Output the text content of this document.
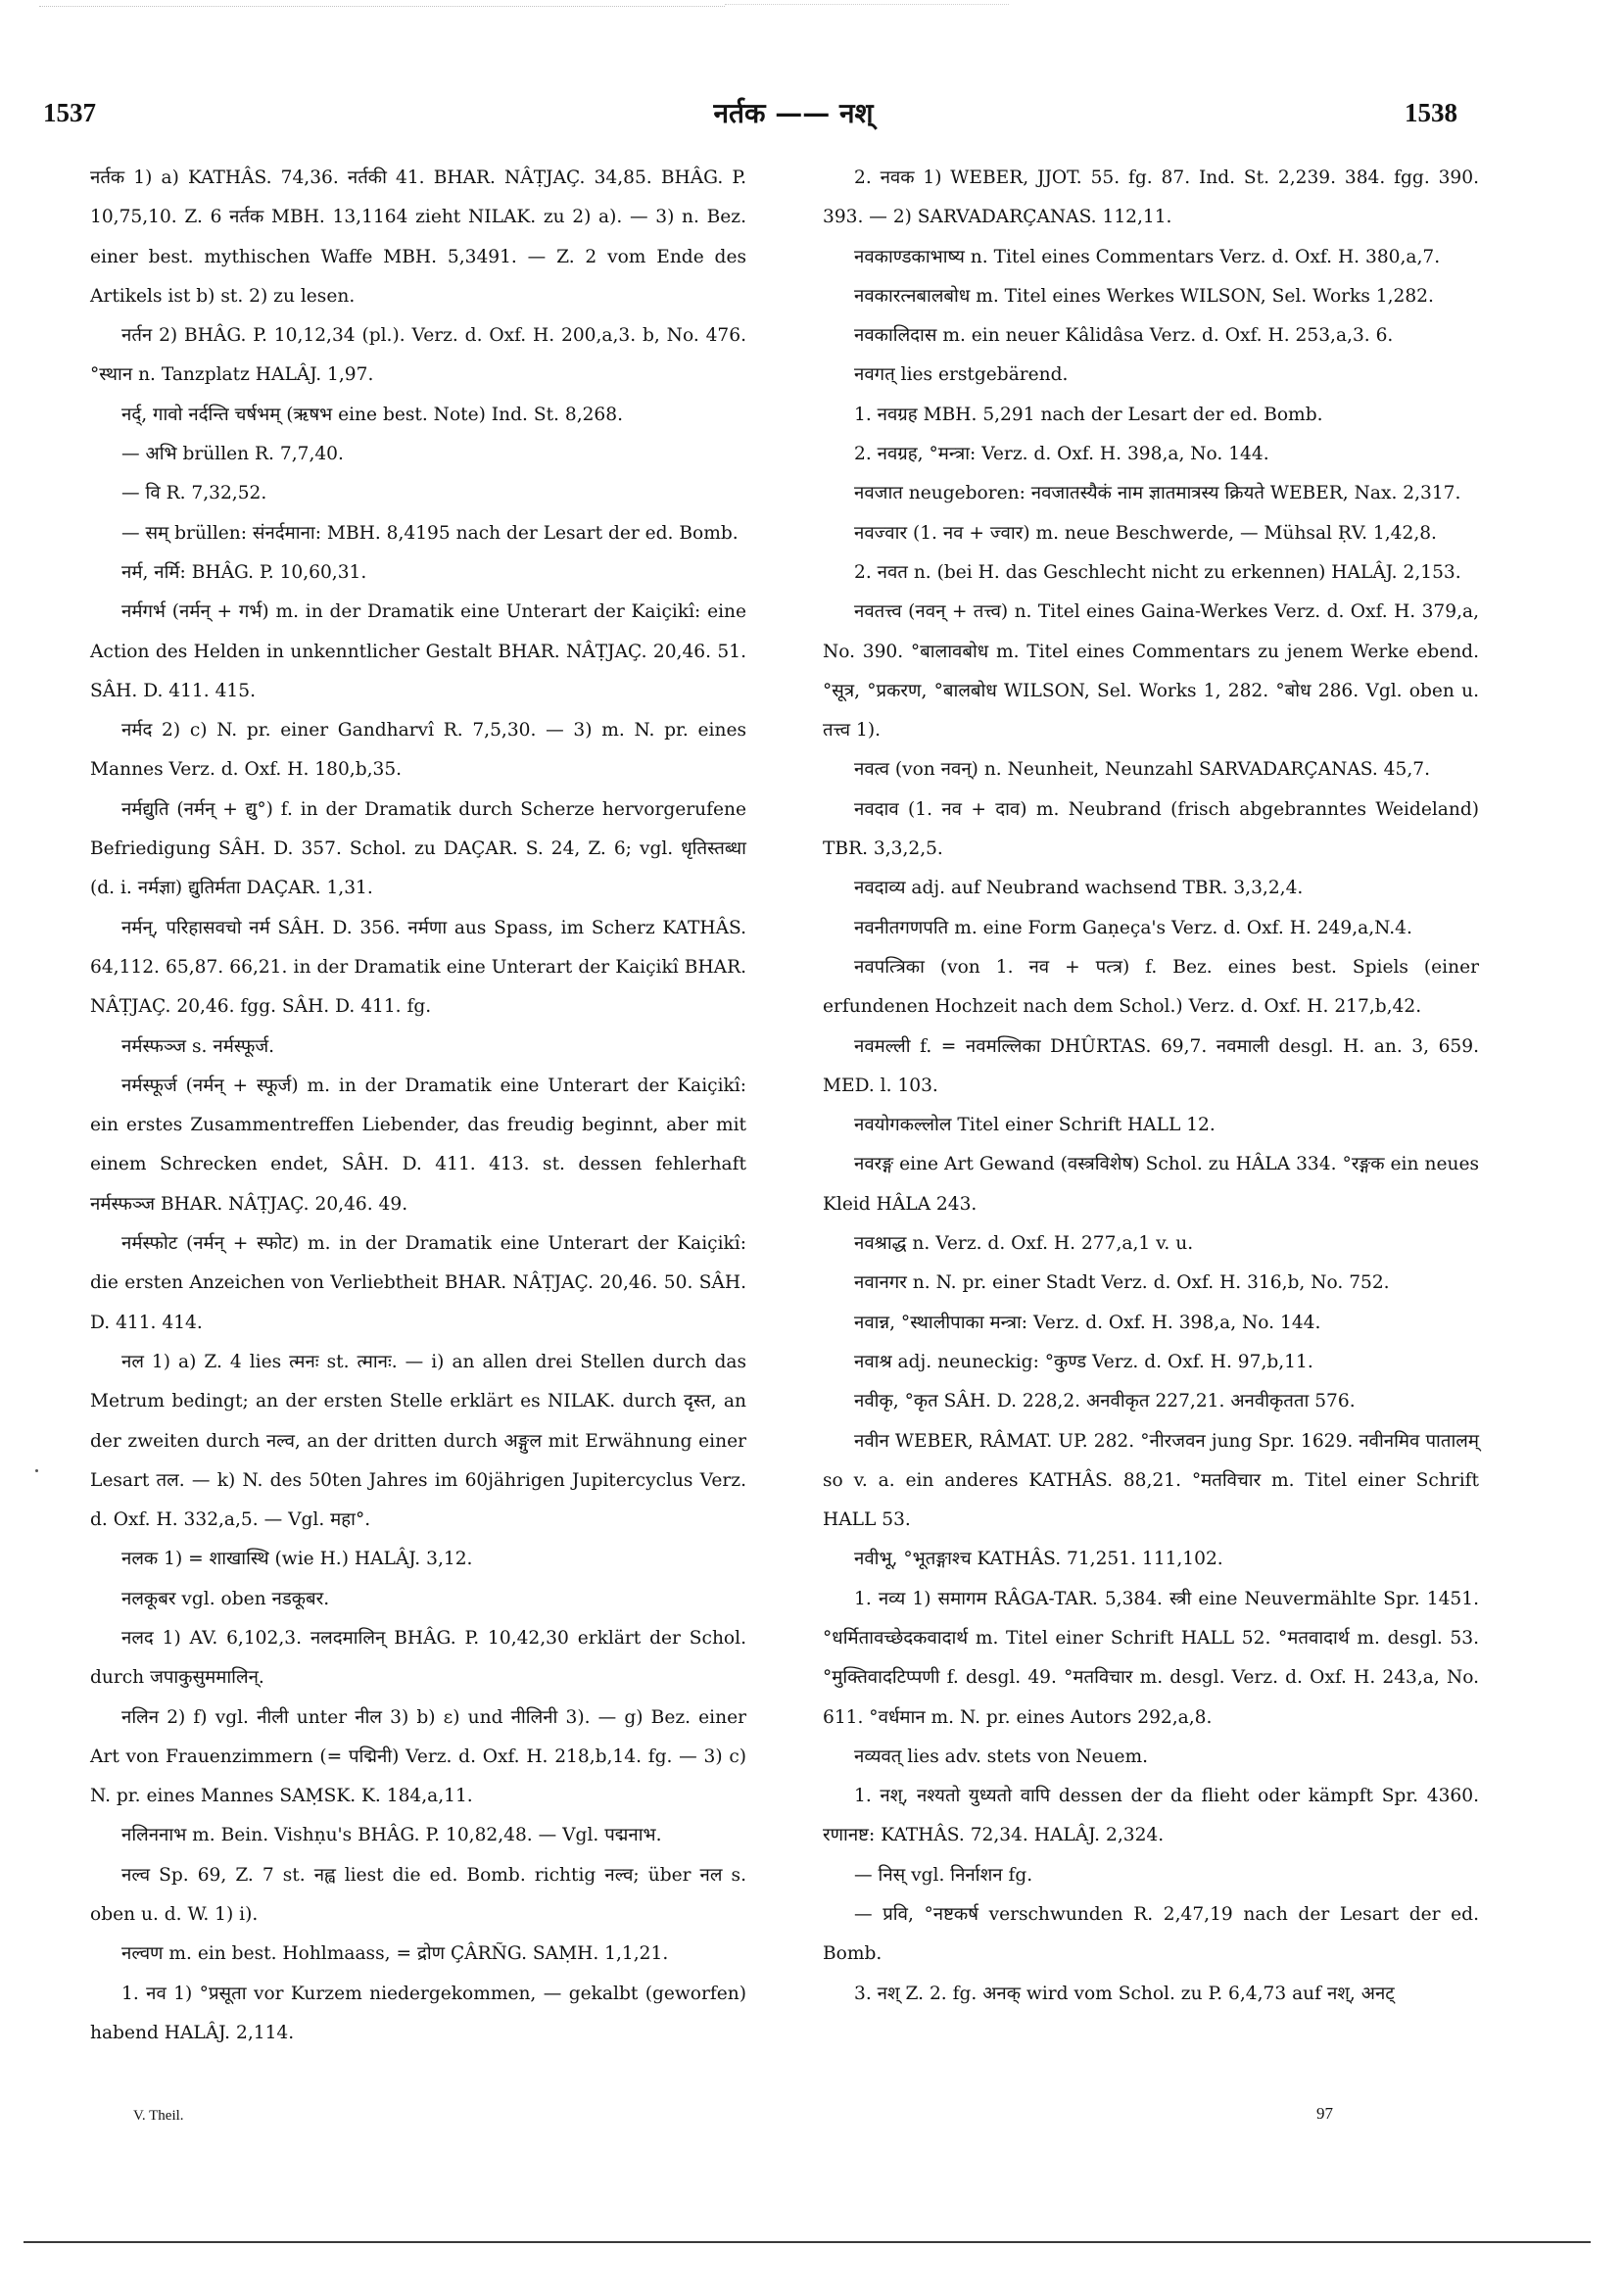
1537	नर्तक —— नश्	1538

नर्तक 1) a) KATHÂS. 74,36. नर्तकी 41. BHAR. NÂṬJAÇ. 34,85. BHÂG. P. 10,75,10. Z. 6 नर्तक MBH. 13,1164 zieht NILAK. zu 2) a). — 3) n. Bez. einer best. mythischen Waffe MBH. 5,3491. — Z. 2 vom Ende des Artikels ist b) st. 2) zu lesen.

नर्तन 2) BHÂG. P. 10,12,34 (pl.). Verz. d. Oxf. H. 200,a,3. b, No. 476. °स्थान n. Tanzplatz HALÂJ. 1,97.

नर्द्, गावो नर्दन्ति चर्षभम् (ऋषभ eine best. Note) Ind. St. 8,268.

— अभि brüllen R. 7,7,40.

— वि R. 7,32,52.

— सम् brüllen: संनर्दमाना: MBH. 8,4195 nach der Lesart der ed. Bomb.

नर्म, नर्मि: BHÂG. P. 10,60,31.

नर्मगर्भ (नर्मन् + गर्भ) m. in der Dramatik eine Unterart der Kaiçikî: eine Action des Helden in unkenntlicher Gestalt BHAR. NÂṬJAÇ. 20,46. 51. SÂH. D. 411. 415.

नर्मद 2) c) N. pr. einer Gandharvî R. 7,5,30. — 3) m. N. pr. eines Mannes Verz. d. Oxf. H. 180,b,35.

नर्मद्युति (नर्मन् + द्यु°) f. in der Dramatik durch Scherze hervorgerufene Befriedigung SÂH. D. 357. Schol. zu DAÇAR. S. 24, Z. 6; vgl. धृतिस्तब्धा (d. i. नर्मज्ञा) द्युतिर्मता DAÇAR. 1,31.

नर्मन्, परिहासवचो नर्म SÂH. D. 356. नर्मणा aus Spass, im Scherz KATHÂS. 64,112. 65,87. 66,21. in der Dramatik eine Unterart der Kaiçikî BHAR. NÂṬJAÇ. 20,46. fgg. SÂH. D. 411. fg.

नर्मस्फञ्ज s. नर्मस्फूर्ज.

नर्मस्फूर्ज (नर्मन् + स्फूर्ज) m. in der Dramatik eine Unterart der Kaiçikî: ein erstes Zusammentreffen Liebender, das freudig beginnt, aber mit einem Schrecken endet, SÂH. D. 411. 413. st. dessen fehlerhaft नर्मस्फञ्ज BHAR. NÂṬJAÇ. 20,46. 49.

नर्मस्फोट (नर्मन् + स्फोट) m. in der Dramatik eine Unterart der Kaiçikî: die ersten Anzeichen von Verliebtheit BHAR. NÂṬJAÇ. 20,46. 50. SÂH. D. 411. 414.

नल 1) a) Z. 4 lies त्मनः st. त्मानः. — i) an allen drei Stellen durch das Metrum bedingt; an der ersten Stelle erklärt es NILAK. durch दृस्त, an der zweiten durch नल्व, an der dritten durch अङ्गुल mit Erwähnung einer Lesart तल. — k) N. des 50ten Jahres im 60jährigen Jupitercyclus Verz. d. Oxf. H. 332,a,5. — Vgl. महा°.

नलक 1) = शाखास्थि (wie H.) HALÂJ. 3,12.

नलकूबर vgl. oben नडकूबर.

नलद 1) AV. 6,102,3. नलदमालिन् BHÂG. P. 10,42,30 erklärt der Schol. durch जपाकुसुममालिन्.

नलिन 2) f) vgl. नीली unter नील 3) b) ε) und नीलिनी 3). — g) Bez. einer Art von Frauenzimmern (= पद्मिनी) Verz. d. Oxf. H. 218,b,14. fg. — 3) c) N. pr. eines Mannes SAṂSK. K. 184,a,11.

नलिननाभ m. Bein. Vishṇu's BHÂG. P. 10,82,48. — Vgl. पद्मनाभ.

नल्व Sp. 69, Z. 7 st. नह्व liest die ed. Bomb. richtig नल्व; über नल s. oben u. d. W. 1) i).

नल्वण m. ein best. Hohlmaass, = द्रोण ÇÂRÑG. SAṂH. 1,1,21.

1. नव 1) °प्रसूता vor Kurzem niedergekommen, — gekalbt (geworfen) habend HALÂJ. 2,114.

2. नवक 1) WEBER, JJOT. 55. fg. 87. Ind. St. 2,239. 384. fgg. 390. 393. — 2) SARVADARÇANAS. 112,11.

नवकाण्डकाभाष्य n. Titel eines Commentars Verz. d. Oxf. H. 380,a,7.

नवकारत्नबालबोध m. Titel eines Werkes WILSON, Sel. Works 1,282.

नवकालिदास m. ein neuer Kâlidâsa Verz. d. Oxf. H. 253,a,3. 6.

नवगत् lies erstgebärend.

1. नवग्रह MBH. 5,291 nach der Lesart der ed. Bomb.

2. नवग्रह, °मन्त्रा: Verz. d. Oxf. H. 398,a, No. 144.

नवजात neugeboren: नवजातस्यैकं नाम ज्ञातमात्रस्य क्रियते WEBER, Nax. 2,317.

नवज्वार (1. नव + ज्वार) m. neue Beschwerde, — Mühsal ṚV. 1,42,8.

2. नवत n. (bei H. das Geschlecht nicht zu erkennen) HALÂJ. 2,153.

नवतत्त्व (नवन् + तत्त्व) n. Titel eines Gaina-Werkes Verz. d. Oxf. H. 379,a, No. 390. °बालावबोध m. Titel eines Commentars zu jenem Werke ebend. °सूत्र, °प्रकरण, °बालबोध WILSON, Sel. Works 1, 282. °बोध 286. Vgl. oben u. तत्त्व 1).

नवत्व (von नवन्) n. Neunheit, Neunzahl SARVADARÇANAS. 45,7.

नवदाव (1. नव + दाव) m. Neubrand (frisch abgebranntes Weideland) TBR. 3,3,2,5.

नवदाव्य adj. auf Neubrand wachsend TBR. 3,3,2,4.

नवनीतगणपति m. eine Form Gaṇeça's Verz. d. Oxf. H. 249,a,N.4.

नवपत्त्रिका (von 1. नव + पत्त्र) f. Bez. eines best. Spiels (einer erfundenen Hochzeit nach dem Schol.) Verz. d. Oxf. H. 217,b,42.

नवमल्ली f. = नवमल्लिका DHÛRTAS. 69,7. नवमाली desgl. H. an. 3, 659. MED. l. 103.

नवयोगकल्लोल Titel einer Schrift HALL 12.

नवरङ्ग eine Art Gewand (वस्त्रविशेष) Schol. zu HÂLA 334. °रङ्गक ein neues Kleid HÂLA 243.

नवश्राद्ध n. Verz. d. Oxf. H. 277,a,1 v. u.

नवानगर n. N. pr. einer Stadt Verz. d. Oxf. H. 316,b, No. 752.

नवान्न, °स्थालीपाका मन्त्रा: Verz. d. Oxf. H. 398,a, No. 144.

नवाश्र adj. neuneckig: °कुण्ड Verz. d. Oxf. H. 97,b,11.

नवीकृ, °कृत SÂH. D. 228,2. अनवीकृत 227,21. अनवीकृतता 576.

नवीन WEBER, RÂMAT. UP. 282. °नीरजवन jung Spr. 1629. नवीनमिव पातालम् so v. a. ein anderes KATHÂS. 88,21. °मतविचार m. Titel einer Schrift HALL 53.

नवीभू, °भूतङ्गाश्च KATHÂS. 71,251. 111,102.

1. नव्य 1) समागम RÂGA-TAR. 5,384. स्त्री eine Neuvermählte Spr. 1451. °धर्मितावच्छेदकवादार्थ m. Titel einer Schrift HALL 52. °मतवादार्थ m. desgl. 53. °मुक्तिवादटिप्पणी f. desgl. 49. °मतविचार m. desgl. Verz. d. Oxf. H. 243,a, No. 611. °वर्धमान m. N. pr. eines Autors 292,a,8.

नव्यवत् lies adv. stets von Neuem.

1. नश्, नश्यतो युध्यतो वापि dessen der da flieht oder kämpft Spr. 4360. रणानष्ट: KATHÂS. 72,34. HALÂJ. 2,324.

— निस् vgl. निर्नाशन fg.

— प्रवि, °नष्टकर्ष verschwunden R. 2,47,19 nach der Lesart der ed. Bomb.

3. नश् Z. 2. fg. अनक् wird vom Schol. zu P. 6,4,73 auf नश्, अनट्

V. Theil.	97
